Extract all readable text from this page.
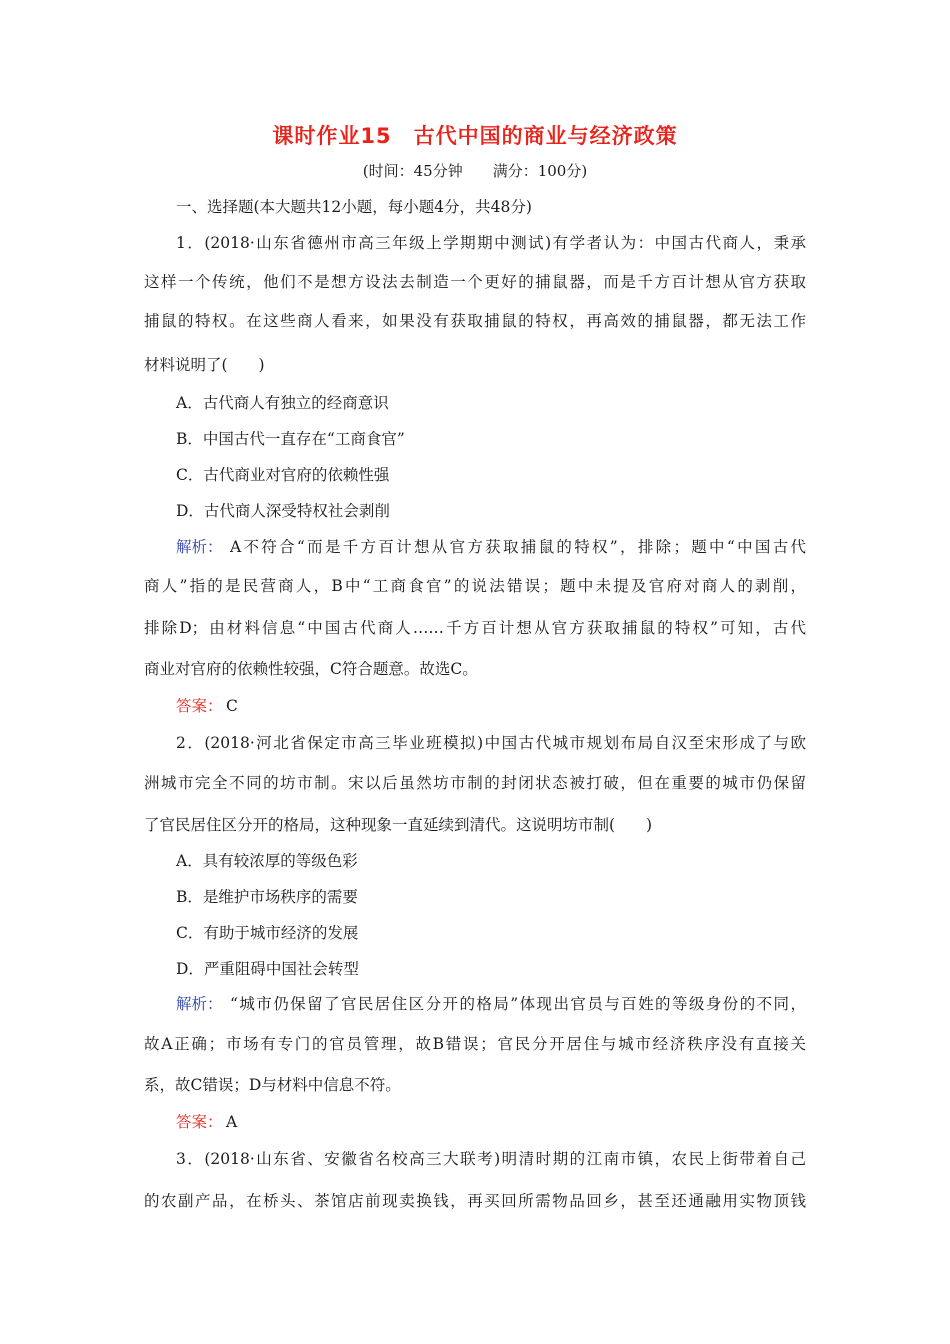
课时作业15　古代中国的商业与经济政策
(时间：45分钟　　满分：100分)
一、选择题(本大题共12小题，每小题4分，共48分)
1．(2018·山东省德州市高三年级上学期期中测试)有学者认为：中国古代商人，秉承
这样一个传统，他们不是想方设法去制造一个更好的捕鼠器，而是千方百计想从官方获取
捕鼠的特权。在这些商人看来，如果没有获取捕鼠的特权，再高效的捕鼠器，都无法工作
材料说明了(　　)
A．古代商人有独立的经商意识
B．中国古代一直存在“工商食官”
C．古代商业对官府的依赖性强
D．古代商人深受特权社会剥削
解析： A不符合“而是千方百计想从官方获取捕鼠的特权”，排除；题中“中国古代
商人”指的是民营商人，B中“工商食官”的说法错误；题中未提及官府对商人的剥削，
排除D；由材料信息“中国古代商人……千方百计想从官方获取捕鼠的特权”可知，古代
商业对官府的依赖性较强，C符合题意。故选C。
答案： C
2．(2018·河北省保定市高三毕业班模拟)中国古代城市规划布局自汉至宋形成了与欧
洲城市完全不同的坊市制。宋以后虽然坊市制的封闭状态被打破，但在重要的城市仍保留
了官民居住区分开的格局，这种现象一直延续到清代。这说明坊市制(　　)
A．具有较浓厚的等级色彩
B．是维护市场秩序的需要
C．有助于城市经济的发展
D．严重阻碍中国社会转型
解析： “城市仍保留了官民居住区分开的格局”体现出官员与百姓的等级身份的不同，
故A正确；市场有专门的官员管理，故B错误；官民分开居住与城市经济秩序没有直接关
系，故C错误；D与材料中信息不符。
答案： A
3．(2018·山东省、安徽省名校高三大联考)明清时期的江南市镇，农民上街带着自己
的农副产品，在桥头、茶馆店前现卖换钱，再买回所需物品回乡，甚至还通融用实物顶钱
